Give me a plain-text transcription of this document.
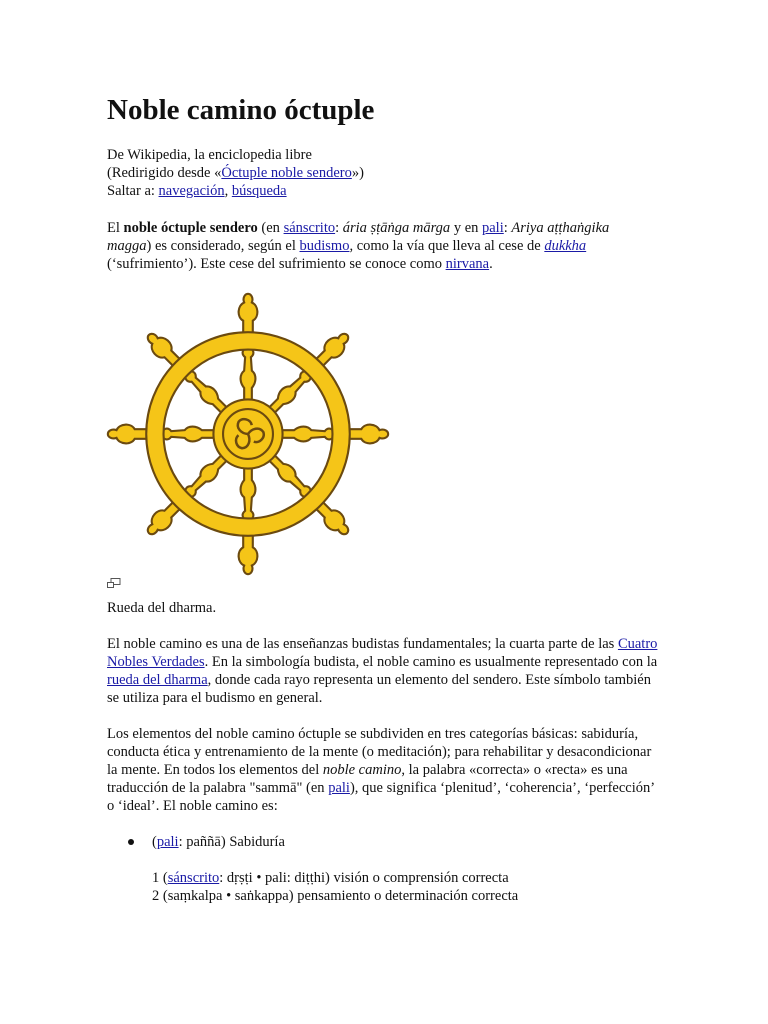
Noble camino óctuple
De Wikipedia, la enciclopedia libre
(Redirigido desde «Óctuple noble sendero»)
Saltar a: navegación, búsqueda
El noble óctuple sendero (en sánscrito: ária ṣṭāṅga mārga y en pali: Ariya aṭṭhaṅgika magga) es considerado, según el budismo, como la vía que lleva al cese de dukkha (‘sufrimiento’). Este cese del sufrimiento se conoce como nirvana.
Rueda del dharma.
El noble camino es una de las enseñanzas budistas fundamentales; la cuarta parte de las Cuatro Nobles Verdades. En la simbología budista, el noble camino es usualmente representado con la rueda del dharma, donde cada rayo representa un elemento del sendero. Este símbolo también se utiliza para el budismo en general.
Los elementos del noble camino óctuple se subdividen en tres categorías básicas: sabiduría, conducta ética y entrenamiento de la mente (o meditación); para rehabilitar y desacondicionar la mente. En todos los elementos del noble camino, la palabra «correcta» o «recta» es una traducción de la palabra "sammā" (en pali), que significa ‘plenitud’, ‘coherencia’, ‘perfección’ o ‘ideal’. El noble camino es:
(pali: paññā) Sabiduría
1 (sánscrito: dṛṣṭi • pali: diṭṭhi) visión o comprensión correcta
2 (saṃkalpa • saṅkappa) pensamiento o determinación correcta
